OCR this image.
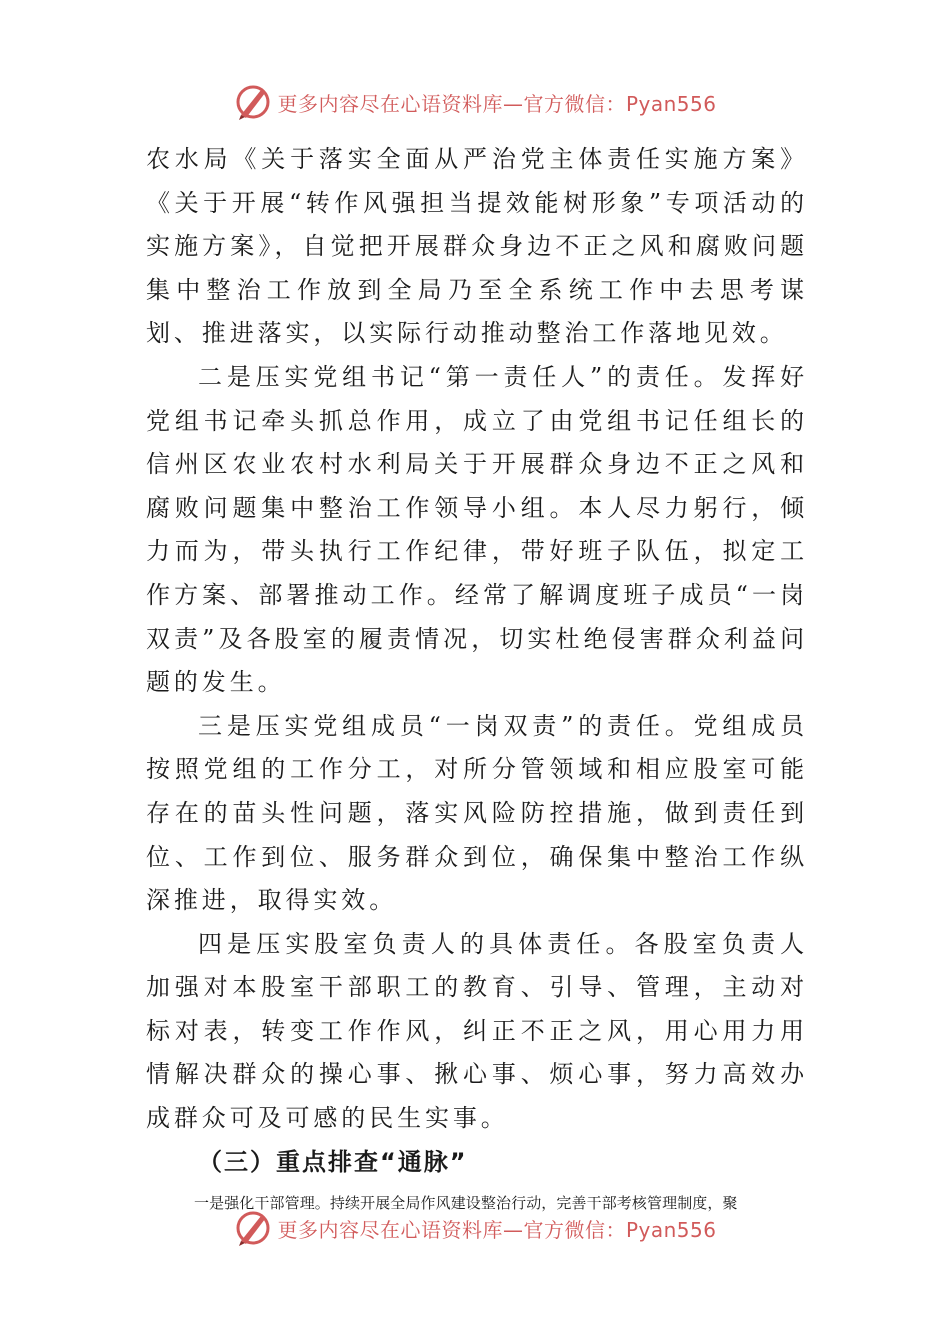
更多内容尽在心语资料库—官方微信：Pyan556

农水局《关于落实全面从严治党主体责任实施方案》《关于开展“转作风强担当提效能树形象”专项活动的实施方案》，自觉把开展群众身边不正之风和腐败问题集中整治工作放到全局乃至全系统工作中去思考谋划、推进落实，以实际行动推动整治工作落地见效。

二是压实党组书记“第一责任人”的责任。发挥好党组书记牵头抓总作用，成立了由党组书记任组长的信州区农业农村水利局关于开展群众身边不正之风和腐败问题集中整治工作领导小组。本人尽力躬行，倾力而为，带头执行工作纪律，带好班子队伍，拟定工作方案、部署推动工作。经常了解调度班子成员“一岗双责”及各股室的履责情况，切实杜绝侵害群众利益问题的发生。

三是压实党组成员“一岗双责”的责任。党组成员按照党组的工作分工，对所分管领域和相应股室可能存在的苗头性问题，落实风险防控措施，做到责任到位、工作到位、服务群众到位，确保集中整治工作纵深推进，取得实效。

四是压实股室负责人的具体责任。各股室负责人加强对本股室干部职工的教育、引导、管理，主动对标对表，转变工作作风，纠正不正之风，用心用力用情解决群众的操心事、揪心事、烦心事，努力高效办成群众可及可感的民生实事。

（三）重点排查“通脉”

一是强化干部管理。持续开展全局作风建设整治行动，完善干部考核管理制度，聚

更多内容尽在心语资料库—官方微信：Pyan556
